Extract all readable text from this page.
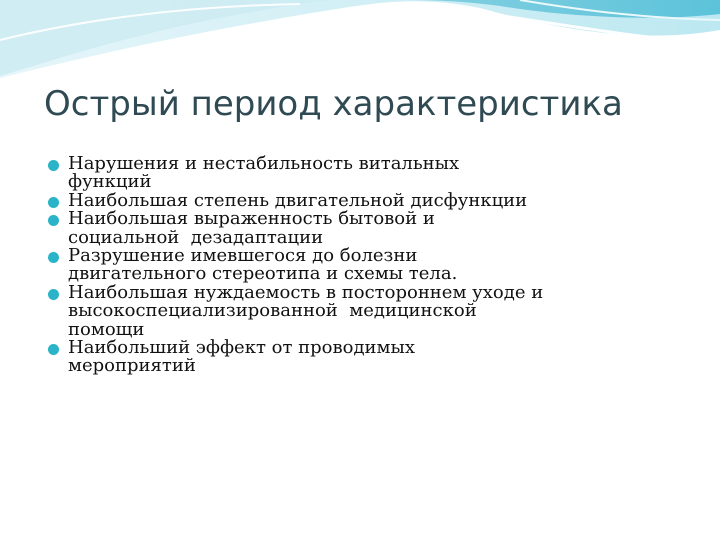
Острый период характеристика
Нарушения и нестабильность витальных
функций
Наибольшая степень двигательной дисфункции
Наибольшая выраженность бытовой и
социальной  дезадаптации
Разрушение имевшегося до болезни
двигательного стереотипа и схемы тела.
Наибольшая нуждаемость в постороннем уходе и
высокоспециализированной  медицинской
помощи
Наибольший эффект от проводимых
мероприятий
